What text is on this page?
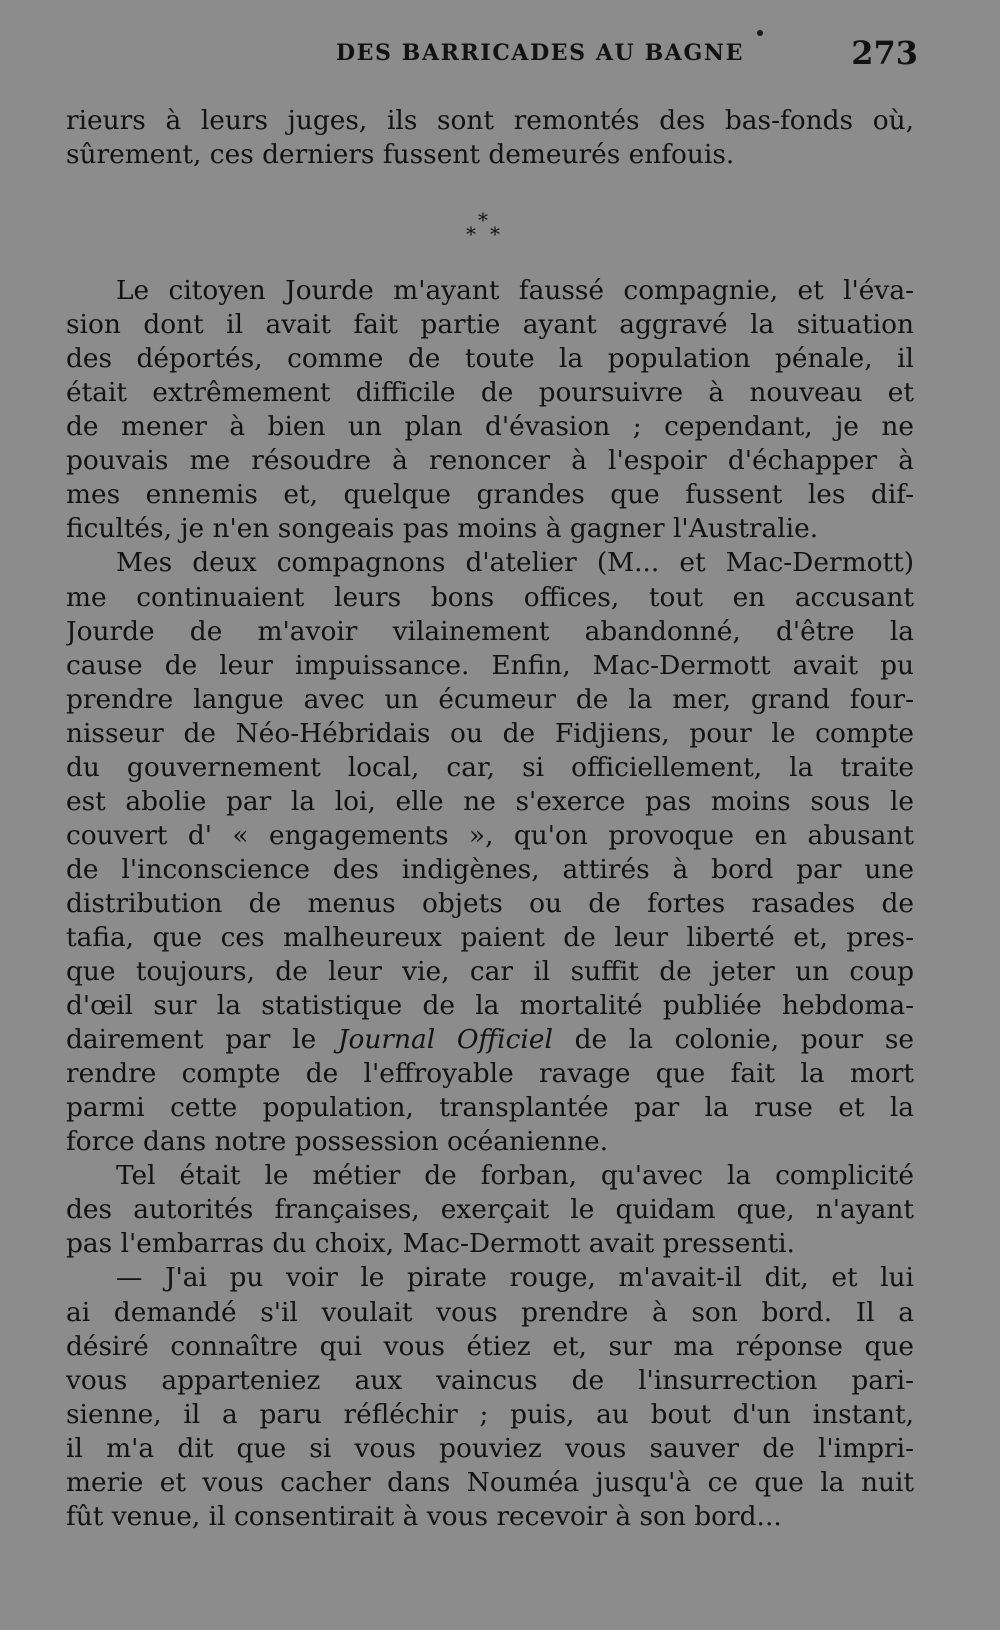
DES BARRICADES AU BAGNE	273
*
* *
rieurs à leurs juges, ils sont remontés des bas-fonds où,
sûrement, ces derniers fussent demeurés enfouis.
Le citoyen Jourde m'ayant faussé compagnie, et l'éva-
sion dont il avait fait partie ayant aggravé la situation
des déportés, comme de toute la population pénale, il
était extrêmement difficile de poursuivre à nouveau et
de mener à bien un plan d'évasion ; cependant, je ne
pouvais me résoudre à renoncer à l'espoir d'échapper à
mes ennemis et, quelque grandes que fussent les dif-
ficultés, je n'en songeais pas moins à gagner l'Australie.
Mes deux compagnons d'atelier (M... et Mac-Dermott)
me continuaient leurs bons offices, tout en accusant
Jourde de m'avoir vilainement abandonné, d'être la
cause de leur impuissance. Enfin, Mac-Dermott avait pu
prendre langue avec un écumeur de la mer, grand four-
nisseur de Néo-Hébridais ou de Fidjiens, pour le compte
du gouvernement local, car, si officiellement, la traite
est abolie par la loi, elle ne s'exerce pas moins sous le
couvert d' « engagements », qu'on provoque en abusant
de l'inconscience des indigènes, attirés à bord par une
distribution de menus objets ou de fortes rasades de
tafia, que ces malheureux paient de leur liberté et, pres-
que toujours, de leur vie, car il suffit de jeter un coup
d'œil sur la statistique de la mortalité publiée hebdoma-
dairement par le Journal Officiel de la colonie, pour se
rendre compte de l'effroyable ravage que fait la mort
parmi cette population, transplantée par la ruse et la
force dans notre possession océanienne.
Tel était le métier de forban, qu'avec la complicité
des autorités françaises, exerçait le quidam que, n'ayant
pas l'embarras du choix, Mac-Dermott avait pressenti.
— J'ai pu voir le pirate rouge, m'avait-il dit, et lui
ai demandé s'il voulait vous prendre à son bord. Il a
désiré connaître qui vous étiez et, sur ma réponse que
vous apparteniez aux vaincus de l'insurrection pari-
sienne, il a paru réfléchir ; puis, au bout d'un instant,
il m'a dit que si vous pouviez vous sauver de l'impri-
merie et vous cacher dans Nouméa jusqu'à ce que la nuit
fût venue, il consentirait à vous recevoir à son bord...
